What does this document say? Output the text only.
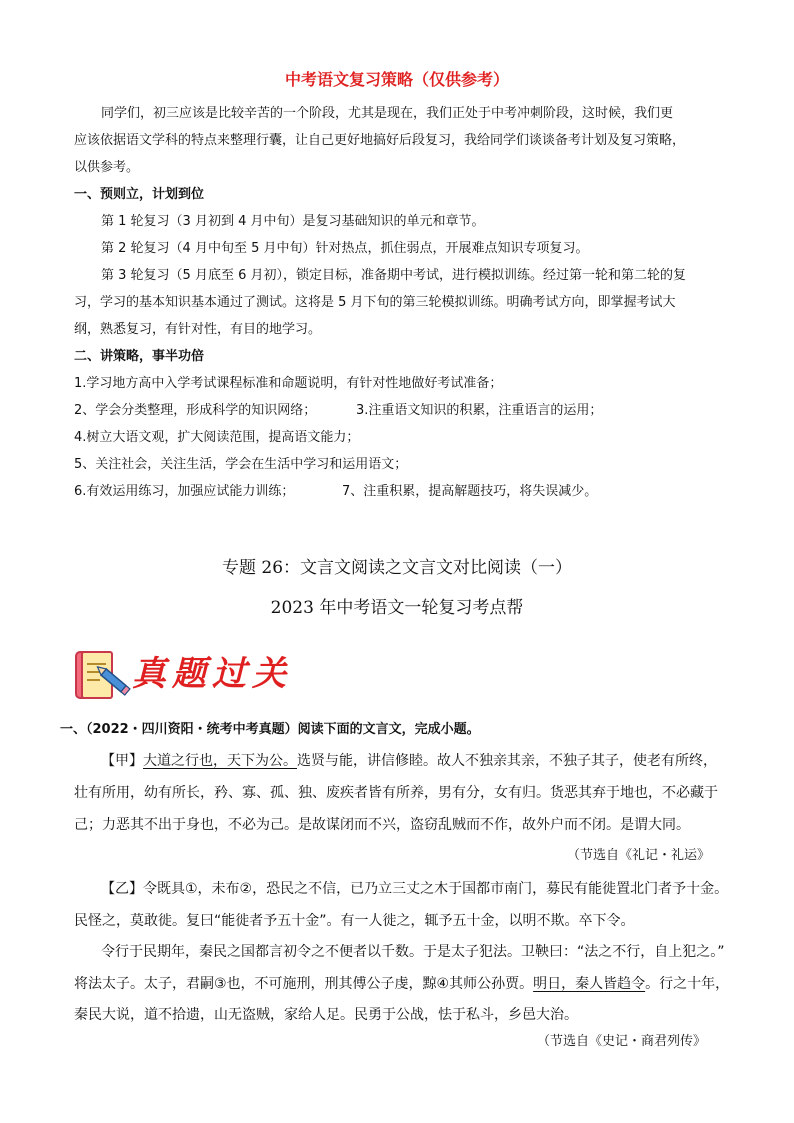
中考语文复习策略（仅供参考）
同学们，初三应该是比较辛苦的一个阶段，尤其是现在，我们正处于中考冲刺阶段，这时候，我们更
应该依据语文学科的特点来整理行囊，让自己更好地搞好后段复习，我给同学们谈谈备考计划及复习策略，
以供参考。
一、预则立，计划到位
第 1 轮复习（3 月初到 4 月中旬）是复习基础知识的单元和章节。
第 2 轮复习（4 月中旬至 5 月中旬）针对热点，抓住弱点，开展难点知识专项复习。
第 3 轮复习（5 月底至 6 月初），锁定目标，准备期中考试，进行模拟训练。经过第一轮和第二轮的复
习，学习的基本知识基本通过了测试。这将是 5 月下旬的第三轮模拟训练。明确考试方向，即掌握考试大
纲，熟悉复习，有针对性，有目的地学习。
二、讲策略，事半功倍
1.学习地方高中入学考试课程标准和命题说明，有针对性地做好考试准备；
2、学会分类整理，形成科学的知识网络；	3.注重语文知识的积累，注重语言的运用；
4.树立大语文观，扩大阅读范围，提高语文能力；
5、关注社会，关注生活，学会在生活中学习和运用语文；
6.有效运用练习，加强应试能力训练；	7、注重积累，提高解题技巧，将失误减少。
专题 26：文言文阅读之文言文对比阅读（一）
2023 年中考语文一轮复习考点帮
真题过关
一、（2022・四川资阳・统考中考真题）阅读下面的文言文，完成小题。
【甲】大道之行也，天下为公。选贤与能，讲信修睦。故人不独亲其亲，不独子其子，使老有所终，
壮有所用，幼有所长，矜、寡、孤、独、废疾者皆有所养，男有分，女有归。货恶其弃于地也，不必藏于
己；力恶其不出于身也，不必为己。是故谋闭而不兴，盗窃乱贼而不作，故外户而不闭。是谓大同。
（节选自《礼记・礼运》
【乙】令既具①，未布②，恐民之不信，已乃立三丈之木于国都市南门，募民有能徙置北门者予十金。
民怪之，莫敢徙。复曰“能徙者予五十金”。有一人徙之，辄予五十金，以明不欺。卒下令。
令行于民期年，秦民之国都言初令之不便者以千数。于是太子犯法。卫鞅曰：“法之不行，自上犯之。”
将法太子。太子，君嗣③也，不可施刑，刑其傅公子虔，黥④其师公孙贾。明日，秦人皆趋令。行之十年，
秦民大说，道不拾遗，山无盗贼，家给人足。民勇于公战，怯于私斗，乡邑大治。
（节选自《史记・商君列传》
